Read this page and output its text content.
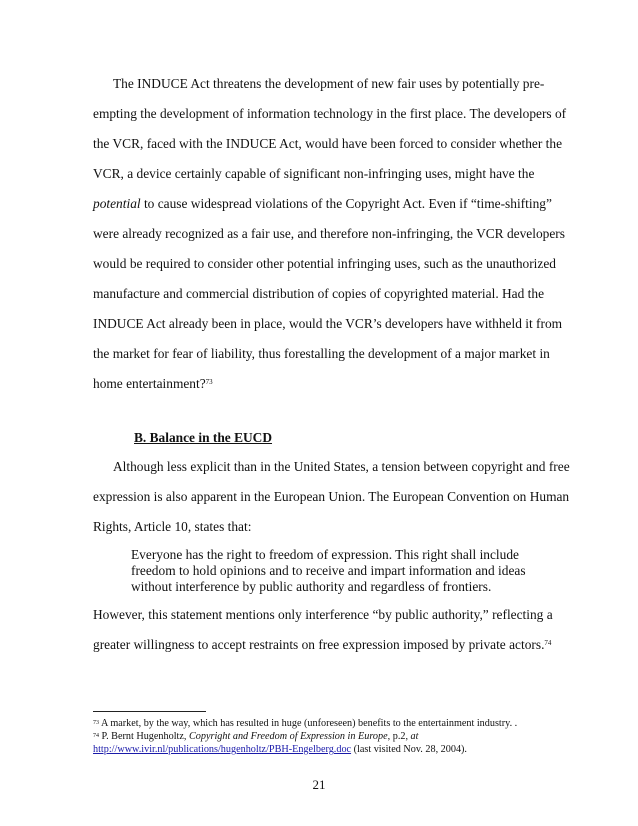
The INDUCE Act threatens the development of new fair uses by potentially pre-
empting the development of information technology in the first place. The developers of
the VCR, faced with the INDUCE Act, would have been forced to consider whether the
VCR, a device certainly capable of significant non-infringing uses, might have the
potential to cause widespread violations of the Copyright Act. Even if “time-shifting”
were already recognized as a fair use, and therefore non-infringing, the VCR developers
would be required to consider other potential infringing uses, such as the unauthorized
manufacture and commercial distribution of copies of copyrighted material. Had the
INDUCE Act already been in place, would the VCR’s developers have withheld it from
the market for fear of liability, thus forestalling the development of a major market in
home entertainment?$^{73}$
B. Balance in the EUCD
Although less explicit than in the United States, a tension between copyright and free
expression is also apparent in the European Union. The European Convention on Human
Rights, Article 10, states that:
Everyone has the right to freedom of expression. This right shall include
freedom to hold opinions and to receive and impart information and ideas
without interference by public authority and regardless of frontiers.
However, this statement mentions only interference “by public authority,” reflecting a
greater willingness to accept restraints on free expression imposed by private actors.$^{74}$
$^{73}$ A market, by the way, which has resulted in huge (unforeseen) benefits to the entertainment industry. .
$^{74}$ P. Bernt Hugenholtz, Copyright and Freedom of Expression in Europe, p.2, at
http://www.ivir.nl/publications/hugenholtz/PBH-Engelberg.doc (last visited Nov. 28, 2004).
21
